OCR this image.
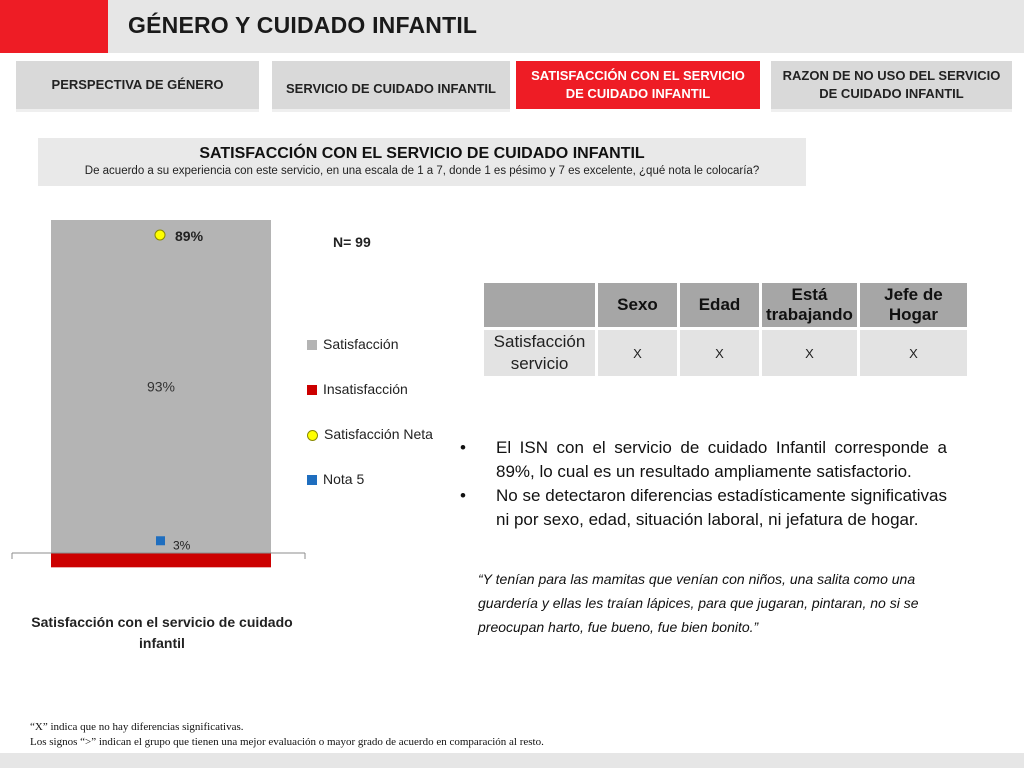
GÉNERO Y CUIDADO INFANTIL
PERSPECTIVA DE GÉNERO	SERVICIO DE CUIDADO INFANTIL
SATISFACCIÓN CON EL SERVICIO DE CUIDADO INFANTIL
RAZON DE NO USO DEL SERVICIO DE CUIDADO INFANTIL
SATISFACCIÓN CON EL SERVICIO DE CUIDADO INFANTIL
De acuerdo a su experiencia con este servicio, en una escala de 1 a 7, donde 1 es pésimo y 7 es excelente, ¿qué nota le colocaría?
93%
89%
3%
Satisfacción con el servicio de cuidado infantil
N= 99
Satisfacción
Insatisfacción
Satisfacción Neta
Nota 5
	Sexo	Edad	Está trabajando	Jefe de Hogar
Satisfacción servicio	X	X	X	X
•	El ISN con el servicio de cuidado Infantil corresponde a 89%, lo cual es un resultado ampliamente satisfactorio.
•	No se detectaron diferencias estadísticamente significativas ni por sexo, edad, situación laboral, ni jefatura de hogar.
“Y tenían para las mamitas que venían con niños, una salita como una guardería y ellas les traían lápices, para que jugaran, pintaran, no si se preocupan harto, fue bueno, fue bien bonito.”
“X” indica que no hay diferencias significativas.
Los signos “>” indican el grupo que tienen una mejor evaluación o mayor grado de acuerdo en comparación al resto.
